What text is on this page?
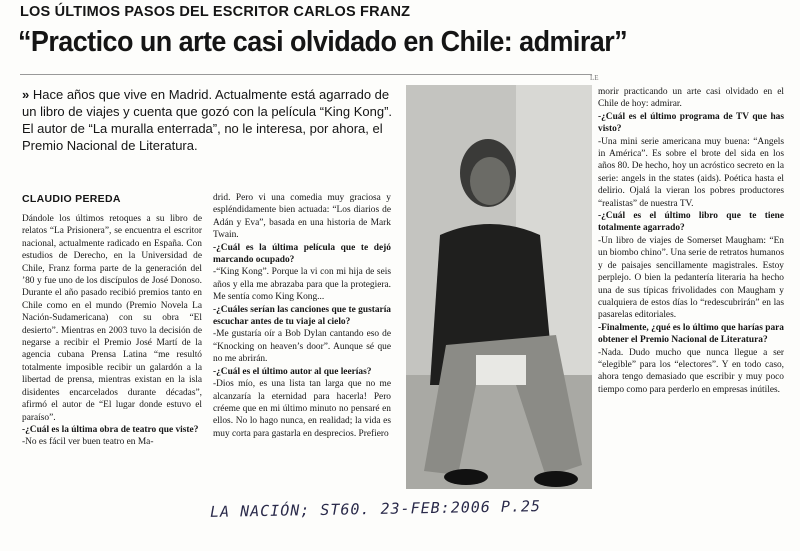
LOS ÚLTIMOS PASOS DEL ESCRITOR CARLOS FRANZ
“Practico un arte casi olvidado en Chile: admirar”
LE
» Hace años que vive en Madrid. Actualmente está agarrado de un libro de viajes y cuenta que gozó con la película “King Kong”. El autor de “La muralla enterrada”, no le interesa, por ahora, el Premio Nacional de Literatura.
CLAUDIO PEREDA

Dándole los últimos retoques a su libro de relatos “La Prisionera”, se encuentra el escritor nacional, actualmente radicado en España. Con estudios de Derecho, en la Universidad de Chile, Franz forma parte de la generación del ’80 y fue uno de los discípulos de José Donoso. Durante el año pasado recibió premios tanto en Chile como en el mundo (Premio Novela La Nación-Sudamericana) con su obra “El desierto”. Mientras en 2003 tuvo la decisión de negarse a recibir el Premio José Martí de la agencia cubana Prensa Latina “me resultó totalmente imposible recibir un galardón a la libertad de prensa, mientras existan en la isla disidentes encarcelados durante décadas”, afirmó el autor de “El lugar donde estuvo el paraíso”.

-¿Cuál es la última obra de teatro que viste?

-No es fácil ver buen teatro en Ma-

drid. Pero vi una comedia muy graciosa y espléndidamente bien actuada: “Los diarios de Adán y Eva”, basada en una historia de Mark Twain.

-¿Cuál es la última película que te dejó marcando ocupado?

-“King Kong”. Porque la vi con mi hija de seis años y ella me abrazaba para que la protegiera. Me sentía como King Kong...

-¿Cuáles serían las canciones que te gustaría escuchar antes de tu viaje al cielo?

-Me gustaría oír a Bob Dylan cantando eso de “Knocking on heaven’s door”. Aunque sé que no me abrirán.

-¿Cuál es el último autor al que leerías?

-Dios mío, es una lista tan larga que no me alcanzaría la eternidad para hacerla! Pero créeme que en mi último minuto no pensaré en ellos. No lo hago nunca, en realidad; la vida es muy corta para gastarla en desprecios. Prefiero

morir practicando un arte casi olvidado en el Chile de hoy: admirar.

-¿Cuál es el último programa de TV que has visto?

-Una mini serie americana muy buena: “Angels in América”. Es sobre el brote del sida en los años 80. De hecho, hoy un acróstico secreto en la serie: angels in the states (aids). Poética hasta el delirio. Ojalá la vieran los pobres productores “realistas” de nuestra TV.

-¿Cuál es el último libro que te tiene totalmente agarrado?

-Un libro de viajes de Somerset Maugham: “En un biombo chino”. Una serie de retratos humanos y de paisajes sencillamente magistrales. Estoy perplejo. O bien la pedantería literaria ha hecho una de sus típicas frivolidades con Maugham y cualquiera de estos días lo “redescubrirán” en las pasarelas editoriales.

-Finalmente, ¿qué es lo último que harías para obtener el Premio Nacional de Literatura?

-Nada. Dudo mucho que nunca llegue a ser “elegible” para los “electores”. Y en todo caso, ahora tengo demasiado que escribir y muy poco tiempo como para perderlo en empresas inútiles.

LA NACIÓN; ST60. 23-FEB:2006 P.25
